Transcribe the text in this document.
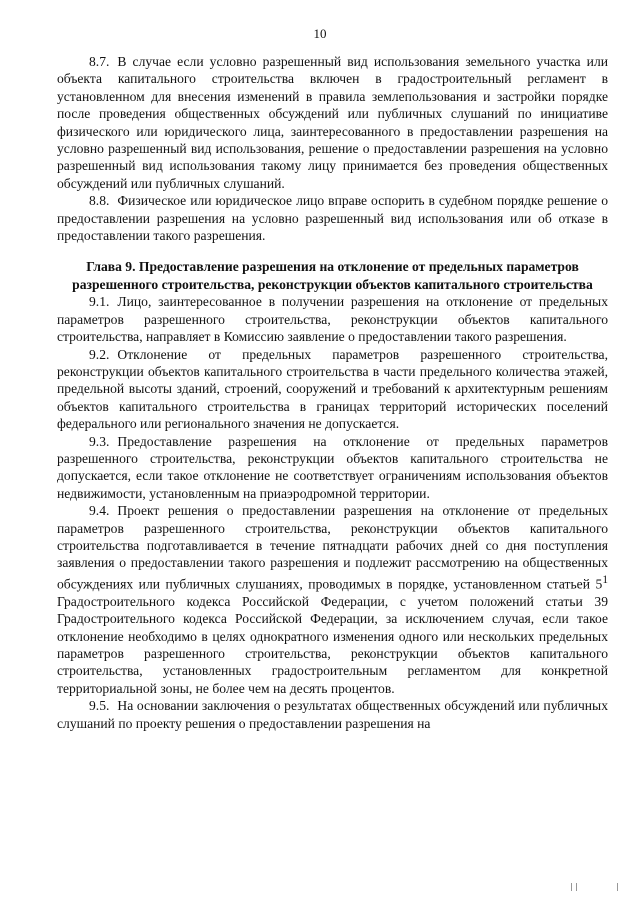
10

8.7. В случае если условно разрешенный вид использования земельного участка или объекта капитального строительства включен в градостроительный регламент в установленном для внесения изменений в правила землепользования и застройки порядке после проведения общественных обсуждений или публичных слушаний по инициативе физического или юридического лица, заинтересованного в предоставлении разрешения на условно разрешенный вид использования, решение о предоставлении разрешения на условно разрешенный вид использования такому лицу принимается без проведения общественных обсуждений или публичных слушаний.

8.8. Физическое или юридическое лицо вправе оспорить в судебном порядке решение о предоставлении разрешения на условно разрешенный вид использования или об отказе в предоставлении такого разрешения.

Глава 9. Предоставление разрешения на отклонение от предельных параметров разрешенного строительства, реконструкции объектов капитального строительства

9.1. Лицо, заинтересованное в получении разрешения на отклонение от предельных параметров разрешенного строительства, реконструкции объектов капитального строительства, направляет в Комиссию заявление о предоставлении такого разрешения.

9.2. Отклонение от предельных параметров разрешенного строительства, реконструкции объектов капитального строительства в части предельного количества этажей, предельной высоты зданий, строений, сооружений и требований к архитектурным решениям объектов капитального строительства в границах территорий исторических поселений федерального или регионального значения не допускается.

9.3. Предоставление разрешения на отклонение от предельных параметров разрешенного строительства, реконструкции объектов капитального строительства не допускается, если такое отклонение не соответствует ограничениям использования объектов недвижимости, установленным на приаэродромной территории.

9.4. Проект решения о предоставлении разрешения на отклонение от предельных параметров разрешенного строительства, реконструкции объектов капитального строительства подготавливается в течение пятнадцати рабочих дней со дня поступления заявления о предоставлении такого разрешения и подлежит рассмотрению на общественных обсуждениях или публичных слушаниях, проводимых в порядке, установленном статьей $5^1$ Градостроительного кодекса Российской Федерации, с учетом положений статьи 39 Градостроительного кодекса Российской Федерации, за исключением случая, если такое отклонение необходимо в целях однократного изменения одного или нескольких предельных параметров разрешенного строительства, реконструкции объектов капитального строительства, установленных градостроительным регламентом для конкретной территориальной зоны, не более чем на десять процентов.

9.5. На основании заключения о результатах общественных обсуждений или публичных слушаний по проекту решения о предоставлении разрешения на

| |	|
